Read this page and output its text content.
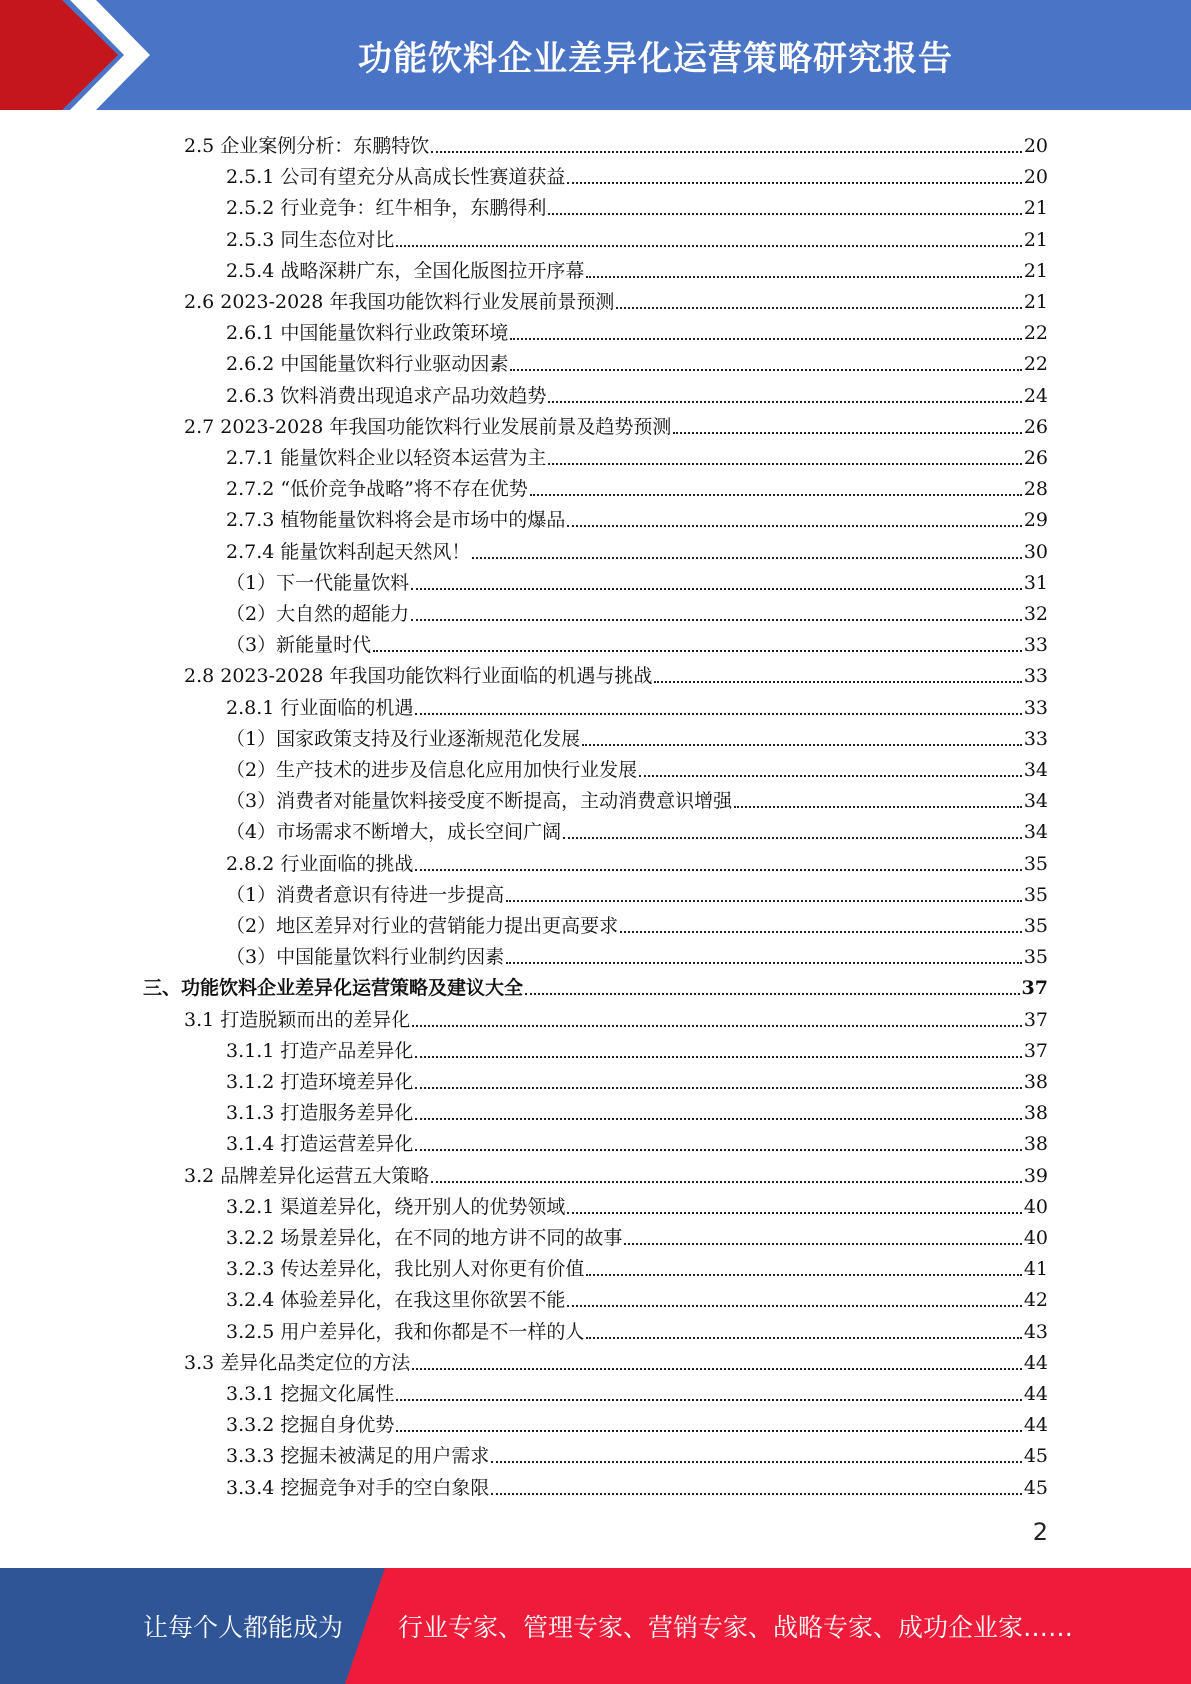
功能饮料企业差异化运营策略研究报告
2.5 企业案例分析：东鹏特饮	20
2.5.1 公司有望充分从高成长性赛道获益	20
2.5.2 行业竞争：红牛相争，东鹏得利	21
2.5.3 同生态位对比	21
2.5.4 战略深耕广东，全国化版图拉开序幕	21
2.6 2023-2028 年我国功能饮料行业发展前景预测	21
2.6.1 中国能量饮料行业政策环境	22
2.6.2 中国能量饮料行业驱动因素	22
2.6.3 饮料消费出现追求产品功效趋势	24
2.7 2023-2028 年我国功能饮料行业发展前景及趋势预测	26
2.7.1 能量饮料企业以轻资本运营为主	26
2.7.2 “低价竞争战略”将不存在优势	28
2.7.3 植物能量饮料将会是市场中的爆品	29
2.7.4 能量饮料刮起天然风！	30
（1）下一代能量饮料	31
（2）大自然的超能力	32
（3）新能量时代	33
2.8 2023-2028 年我国功能饮料行业面临的机遇与挑战	33
2.8.1 行业面临的机遇	33
（1）国家政策支持及行业逐渐规范化发展	33
（2）生产技术的进步及信息化应用加快行业发展	34
（3）消费者对能量饮料接受度不断提高，主动消费意识增强	34
（4）市场需求不断增大，成长空间广阔	34
2.8.2 行业面临的挑战	35
（1）消费者意识有待进一步提高	35
（2）地区差异对行业的营销能力提出更高要求	35
（3）中国能量饮料行业制约因素	35
三、功能饮料企业差异化运营策略及建议大全	37
3.1 打造脱颖而出的差异化	37
3.1.1 打造产品差异化	37
3.1.2 打造环境差异化	38
3.1.3 打造服务差异化	38
3.1.4 打造运营差异化	38
3.2 品牌差异化运营五大策略	39
3.2.1 渠道差异化，绕开别人的优势领域	40
3.2.2 场景差异化，在不同的地方讲不同的故事	40
3.2.3 传达差异化，我比别人对你更有价值	41
3.2.4 体验差异化，在我这里你欲罢不能	42
3.2.5 用户差异化，我和你都是不一样的人	43
3.3 差异化品类定位的方法	44
3.3.1 挖掘文化属性	44
3.3.2 挖掘自身优势	44
3.3.3 挖掘未被满足的用户需求	45
3.3.4 挖掘竞争对手的空白象限	45
2
让每个人都能成为 行业专家、管理专家、营销专家、战略专家、成功企业家……
